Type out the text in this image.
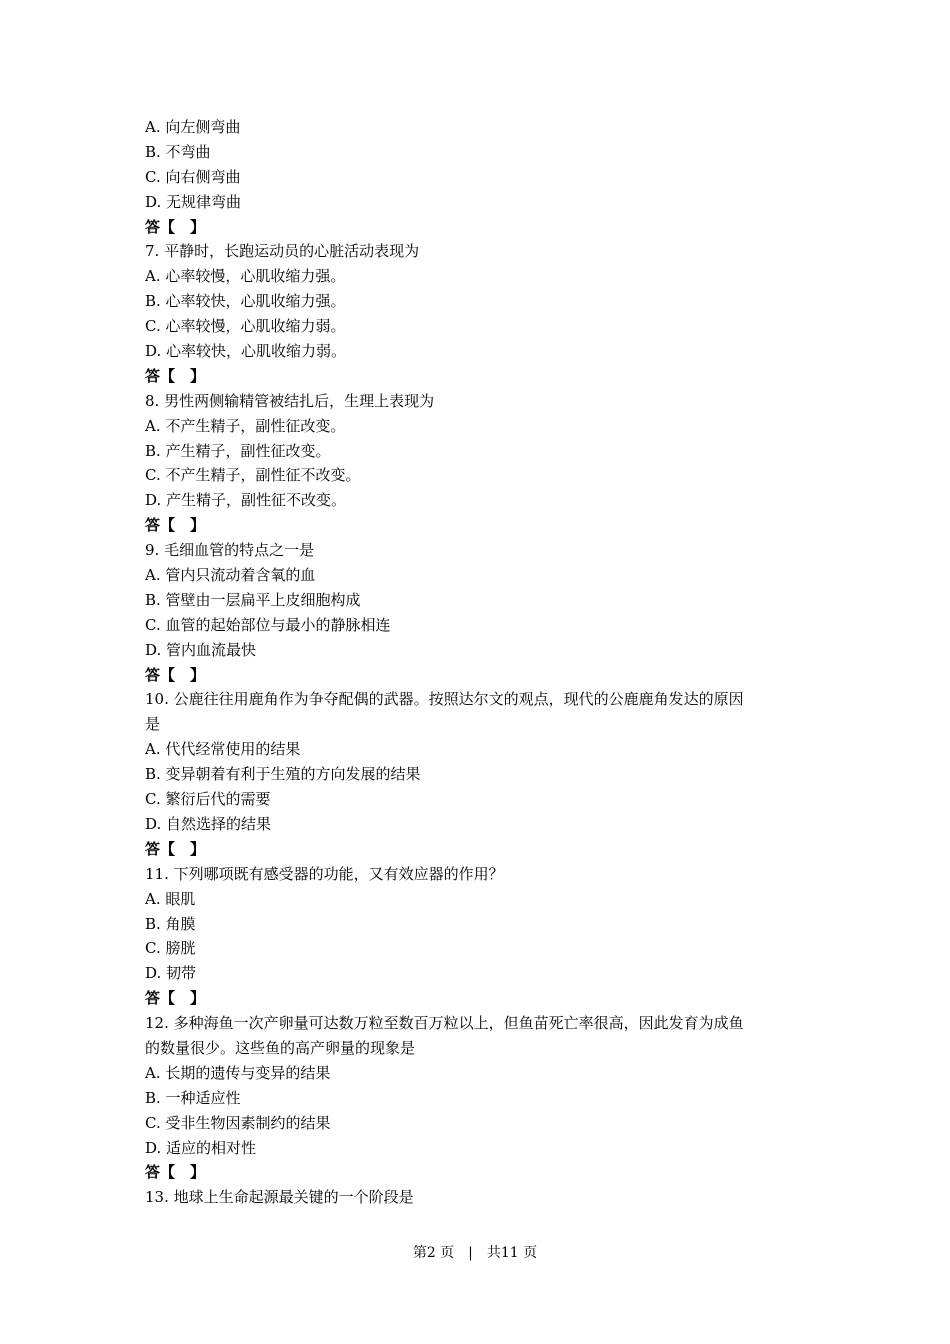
A. 向左侧弯曲
B. 不弯曲
C. 向右侧弯曲
D. 无规律弯曲
答【　】
7. 平静时，长跑运动员的心脏活动表现为
A. 心率较慢，心肌收缩力强。
B. 心率较快，心肌收缩力强。
C. 心率较慢，心肌收缩力弱。
D. 心率较快，心肌收缩力弱。
答【　】
8. 男性两侧输精管被结扎后，生理上表现为
A. 不产生精子，副性征改变。
B. 产生精子，副性征改变。
C. 不产生精子，副性征不改变。
D. 产生精子，副性征不改变。
答【　】
9. 毛细血管的特点之一是
A. 管内只流动着含氧的血
B. 管壁由一层扁平上皮细胞构成
C. 血管的起始部位与最小的静脉相连
D. 管内血流最快
答【　】
10. 公鹿往往用鹿角作为争夺配偶的武器。按照达尔文的观点，现代的公鹿鹿角发达的原因
是
A. 代代经常使用的结果
B. 变异朝着有利于生殖的方向发展的结果
C. 繁衍后代的需要
D. 自然选择的结果
答【　】
11. 下列哪项既有感受器的功能，又有效应器的作用？
A. 眼肌
B. 角膜
C. 膀胱
D. 韧带
答【　】
12. 多种海鱼一次产卵量可达数万粒至数百万粒以上，但鱼苗死亡率很高，因此发育为成鱼
的数量很少。这些鱼的高产卵量的现象是
A. 长期的遗传与变异的结果
B. 一种适应性
C. 受非生物因素制约的结果
D. 适应的相对性
答【　】
13. 地球上生命起源最关键的一个阶段是
第2 页　|　共11 页
